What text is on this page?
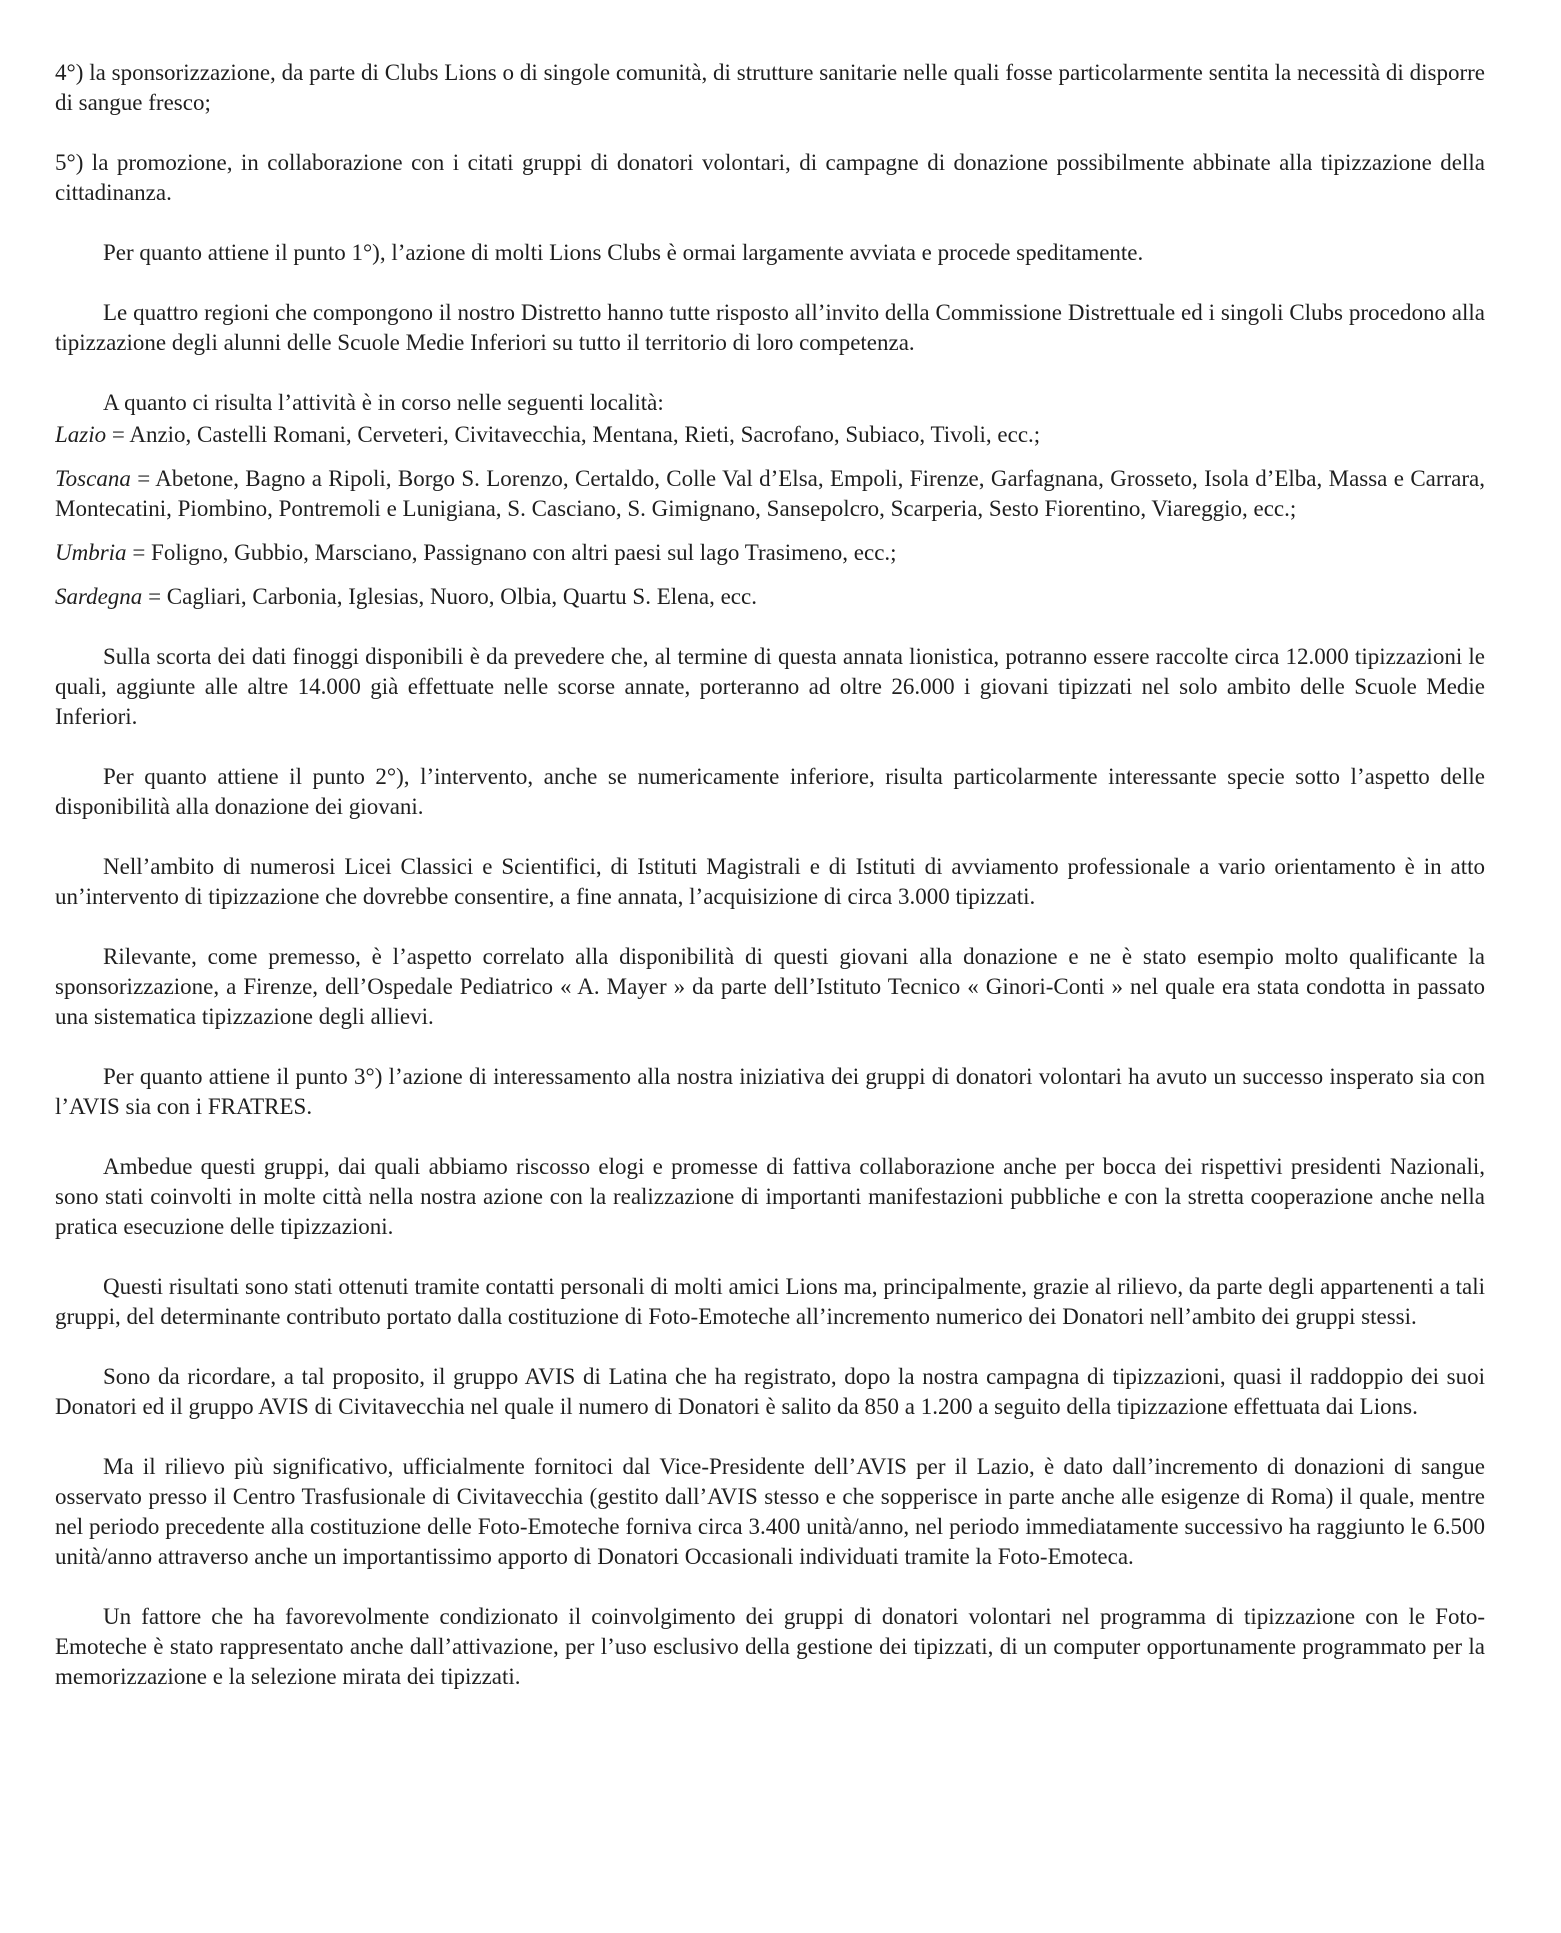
4°) la sponsorizzazione, da parte di Clubs Lions o di singole comunità, di strutture sanitarie nelle quali fosse particolarmente sentita la necessità di disporre di sangue fresco;

5°) la promozione, in collaborazione con i citati gruppi di donatori volontari, di campagne di donazione possibilmente abbinate alla tipizzazione della cittadinanza.

Per quanto attiene il punto 1°), l’azione di molti Lions Clubs è ormai largamente avviata e procede speditamente.

Le quattro regioni che compongono il nostro Distretto hanno tutte risposto all’invito della Commissione Distrettuale ed i singoli Clubs procedono alla tipizzazione degli alunni delle Scuole Medie Inferiori su tutto il territorio di loro competenza.

A quanto ci risulta l’attività è in corso nelle seguenti località:

Lazio = Anzio, Castelli Romani, Cerveteri, Civitavecchia, Mentana, Rieti, Sacrofano, Subiaco, Tivoli, ecc.;

Toscana = Abetone, Bagno a Ripoli, Borgo S. Lorenzo, Certaldo, Colle Val d’Elsa, Empoli, Firenze, Garfagnana, Grosseto, Isola d’Elba, Massa e Carrara, Montecatini, Piombino, Pontremoli e Lunigiana, S. Casciano, S. Gimignano, Sansepolcro, Scarperia, Sesto Fiorentino, Viareggio, ecc.;

Umbria = Foligno, Gubbio, Marsciano, Passignano con altri paesi sul lago Trasimeno, ecc.;

Sardegna = Cagliari, Carbonia, Iglesias, Nuoro, Olbia, Quartu S. Elena, ecc.

Sulla scorta dei dati finoggi disponibili è da prevedere che, al termine di questa annata lionistica, potranno essere raccolte circa 12.000 tipizzazioni le quali, aggiunte alle altre 14.000 già effettuate nelle scorse annate, porteranno ad oltre 26.000 i giovani tipizzati nel solo ambito delle Scuole Medie Inferiori.

Per quanto attiene il punto 2°), l’intervento, anche se numericamente inferiore, risulta particolarmente interessante specie sotto l’aspetto delle disponibilità alla donazione dei giovani.

Nell’ambito di numerosi Licei Classici e Scientifici, di Istituti Magistrali e di Istituti di avviamento professionale a vario orientamento è in atto un’intervento di tipizzazione che dovrebbe consentire, a fine annata, l’acquisizione di circa 3.000 tipizzati.

Rilevante, come premesso, è l’aspetto correlato alla disponibilità di questi giovani alla donazione e ne è stato esempio molto qualificante la sponsorizzazione, a Firenze, dell’Ospedale Pediatrico « A. Mayer » da parte dell’Istituto Tecnico « Ginori-Conti » nel quale era stata condotta in passato una sistematica tipizzazione degli allievi.

Per quanto attiene il punto 3°) l’azione di interessamento alla nostra iniziativa dei gruppi di donatori volontari ha avuto un successo insperato sia con l’AVIS sia con i FRATRES.

Ambedue questi gruppi, dai quali abbiamo riscosso elogi e promesse di fattiva collaborazione anche per bocca dei rispettivi presidenti Nazionali, sono stati coinvolti in molte città nella nostra azione con la realizzazione di importanti manifestazioni pubbliche e con la stretta cooperazione anche nella pratica esecuzione delle tipizzazioni.

Questi risultati sono stati ottenuti tramite contatti personali di molti amici Lions ma, principalmente, grazie al rilievo, da parte degli appartenenti a tali gruppi, del determinante contributo portato dalla costituzione di Foto-Emoteche all’incremento numerico dei Donatori nell’ambito dei gruppi stessi.

Sono da ricordare, a tal proposito, il gruppo AVIS di Latina che ha registrato, dopo la nostra campagna di tipizzazioni, quasi il raddoppio dei suoi Donatori ed il gruppo AVIS di Civitavecchia nel quale il numero di Donatori è salito da 850 a 1.200 a seguito della tipizzazione effettuata dai Lions.

Ma il rilievo più significativo, ufficialmente fornitoci dal Vice-Presidente dell’AVIS per il Lazio, è dato dall’incremento di donazioni di sangue osservato presso il Centro Trasfusionale di Civitavecchia (gestito dall’AVIS stesso e che sopperisce in parte anche alle esigenze di Roma) il quale, mentre nel periodo precedente alla costituzione delle Foto-Emoteche forniva circa 3.400 unità/anno, nel periodo immediatamente successivo ha raggiunto le 6.500 unità/anno attraverso anche un importantissimo apporto di Donatori Occasionali individuati tramite la Foto-Emoteca.

Un fattore che ha favorevolmente condizionato il coinvolgimento dei gruppi di donatori volontari nel programma di tipizzazione con le Foto-Emoteche è stato rappresentato anche dall’attivazione, per l’uso esclusivo della gestione dei tipizzati, di un computer opportunamente programmato per la memorizzazione e la selezione mirata dei tipizzati.
